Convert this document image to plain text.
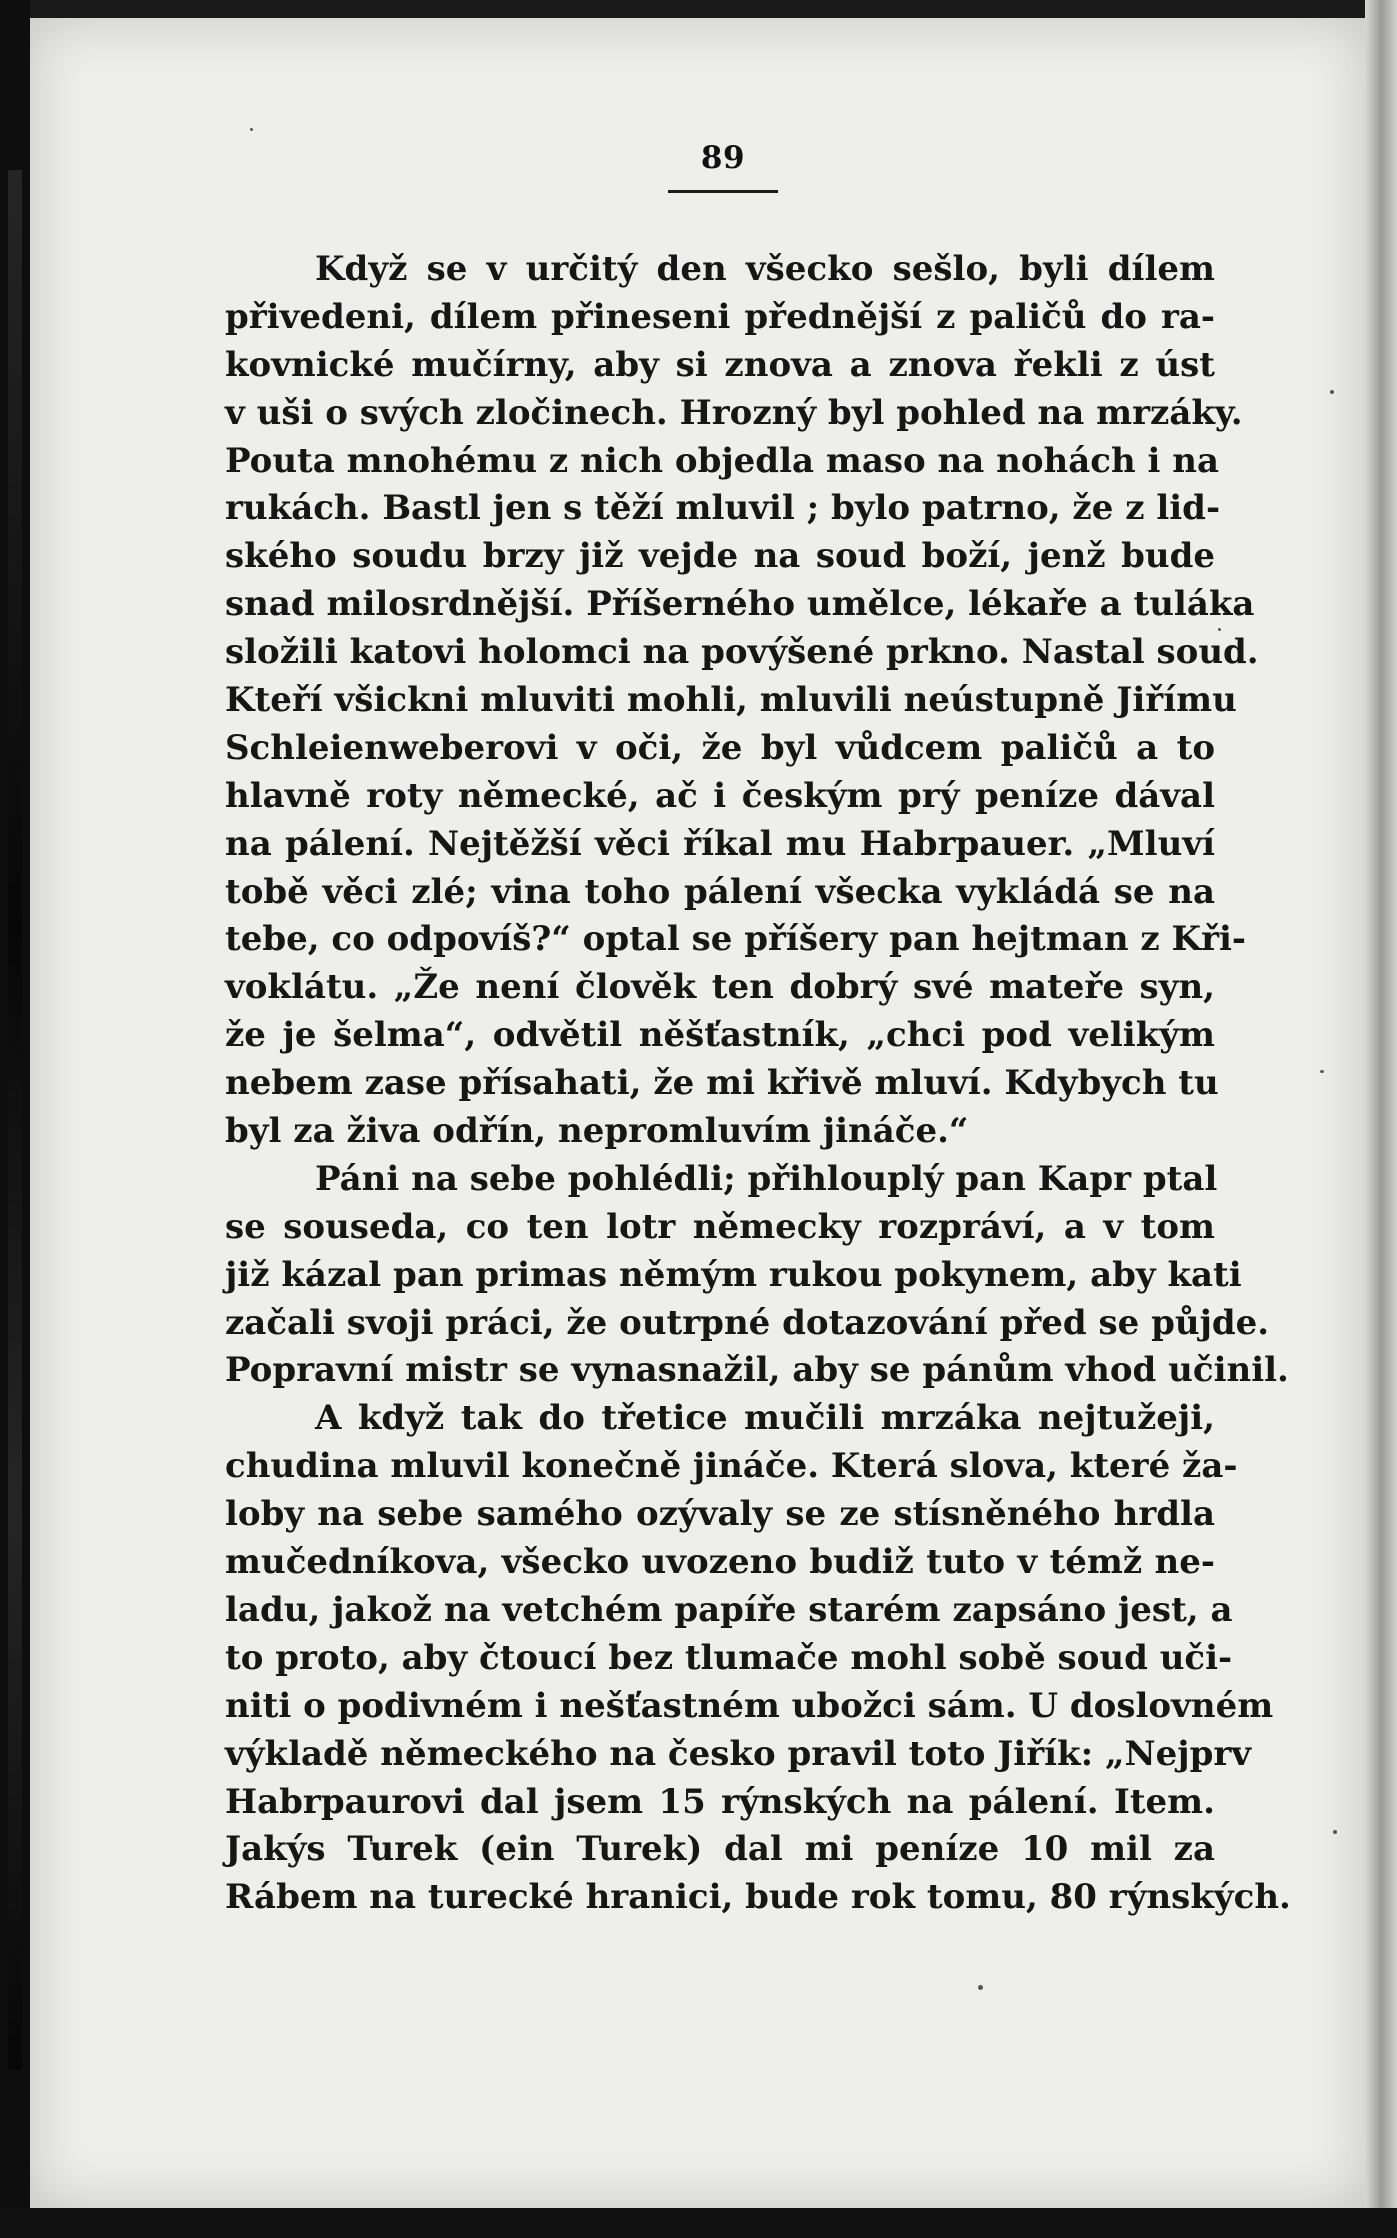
89
Když se v určitý den všecko sešlo, byli dílem
přivedeni, dílem přineseni přednější z paličů do ra-
kovnické mučírny, aby si znova a znova řekli z úst
v uši o svých zločinech. Hrozný byl pohled na mrzáky.
Pouta mnohému z nich objedla maso na nohách i na
rukách. Bastl jen s těží mluvil ; bylo patrno, že z lid-
ského soudu brzy již vejde na soud boží, jenž bude
snad milosrdnější. Příšerného umělce, lékaře a tuláka
složili katovi holomci na povýšené prkno. Nastal soud.
Kteří všickni mluviti mohli, mluvili neústupně Jiřímu
Schleienweberovi v oči, že byl vůdcem paličů a to
hlavně roty německé, ač i českým prý peníze dával
na pálení. Nejtěžší věci říkal mu Habrpauer. „Mluví
tobě věci zlé; vina toho pálení všecka vykládá se na
tebe, co odpovíš?“ optal se příšery pan hejtman z Kři-
voklátu. „Že není člověk ten dobrý své mateře syn,
že je šelma“, odvětil něšťastník, „chci pod velikým
nebem zase přísahati, že mi křivě mluví. Kdybych tu
byl za živa odřín, nepromluvím jináče.“
Páni na sebe pohlédli; přihlouplý pan Kapr ptal
se souseda, co ten lotr německy rozpráví, a v tom
již kázal pan primas němým rukou pokynem, aby kati
začali svoji práci, že outrpné dotazování před se půjde.
Popravní mistr se vynasnažil, aby se pánům vhod učinil.
A když tak do třetice mučili mrzáka nejtužeji,
chudina mluvil konečně jináče. Která slova, které ža-
loby na sebe samého ozývaly se ze stísněného hrdla
mučedníkova, všecko uvozeno budiž tuto v témž ne-
ladu, jakož na vetchém papíře starém zapsáno jest, a
to proto, aby čtoucí bez tlumače mohl sobě soud uči-
niti o podivném i nešťastném ubožci sám. U doslovném
výkladě německého na česko pravil toto Jiřík: „Nejprv
Habrpaurovi dal jsem 15 rýnských na pálení. Item.
Jakýs Turek (ein Turek) dal mi peníze 10 mil za
Rábem na turecké hranici, bude rok tomu, 80 rýnských.
